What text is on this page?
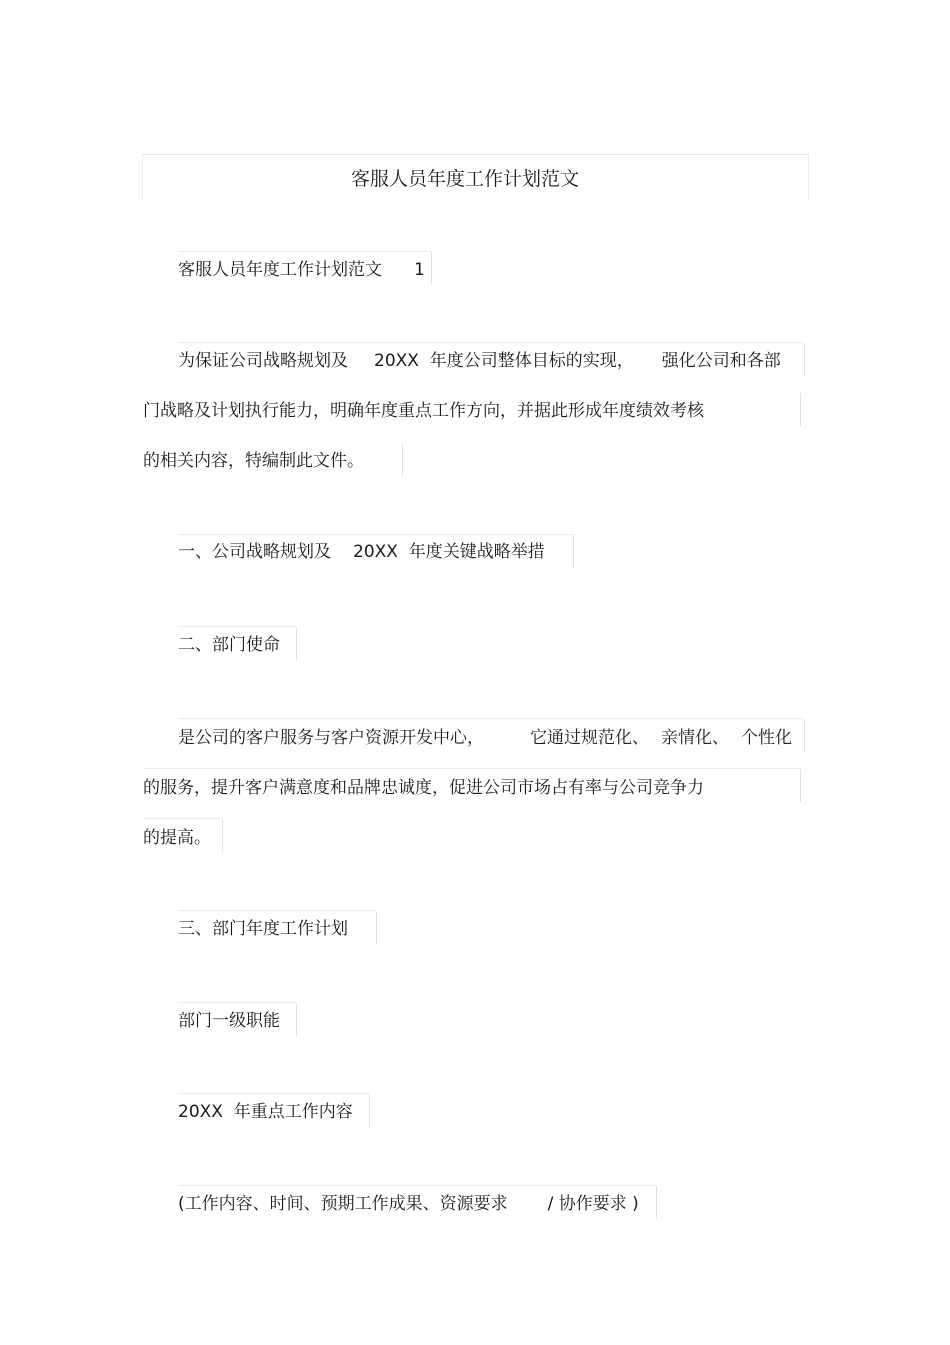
客服人员年度工作计划范文
客服人员年度工作计划范文 1
为保证公司战略规划及 20XX  年度公司整体目标的实现， 强化公司和各部
门战略及计划执行能力，明确年度重点工作方向，并据此形成年度绩效考核
的相关内容，特编制此文件。
一、公司战略规划及 20XX  年度关键战略举措
二、部门使命
是公司的客户服务与客户资源开发中心，	它通过规范化、 亲情化、 个性化
的服务，提升客户满意度和品牌忠诚度，促进公司市场占有率与公司竞争力
的提高。
三、部门年度工作计划
部门一级职能
20XX  年重点工作内容
(工作内容、时间、预期工作成果、资源要求 / 协作要求 )
